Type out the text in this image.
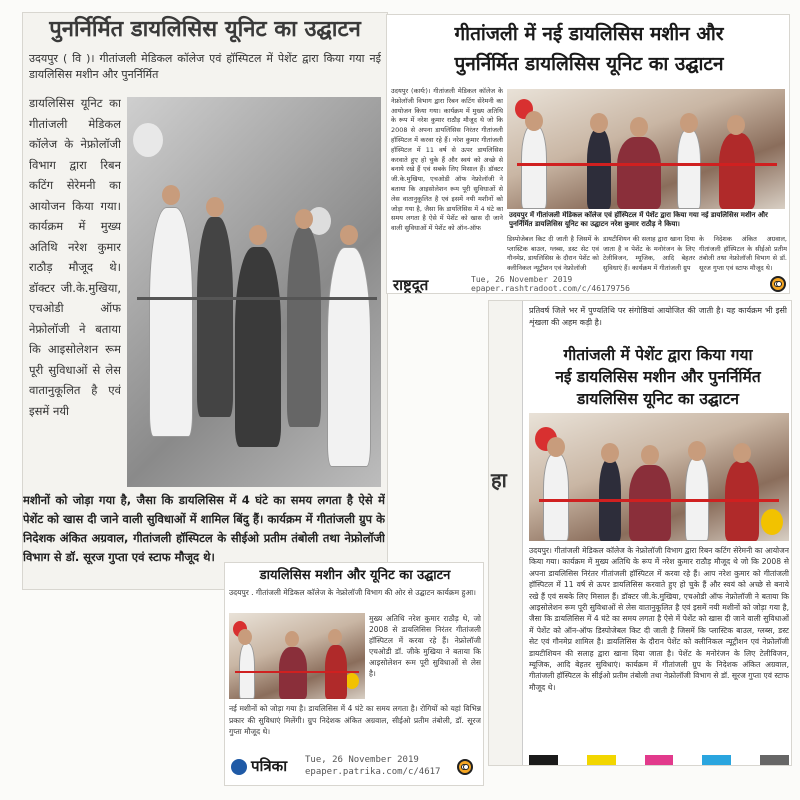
पुनर्निर्मित डायलिसिस यूनिट का उद्घाटन
उदयपुर ( वि )। गीतांजली मेडिकल कॉलेज एवं हॉस्पिटल में पेशेंट द्वारा किया गया नई डायलिसिस मशीन और पुनर्निर्मित
डायलिसिस यूनिट का गीतांजली मेडिकल कॉलेज के नेफ्रोलॉजी विभाग द्वारा रिबन कटिंग सेरेमनी का आयोजन किया गया। कार्यक्रम में मुख्य अतिथि नरेश कुमार राठौड़ मौजूद थे। डॉक्टर जी.के.मुखिया, एचओडी ऑफ नेफ्रोलॉजी ने बताया कि आइसोलेशन रूम पूरी सुविधाओं से लेस वातानुकूलित है एवं इसमें नयी
मशीनों को जोड़ा गया है, जैसा कि डायलिसिस में 4 घंटे का समय लगता है ऐसे में पेशेंट को खास दी जाने वाली सुविधाओं में शामिल बिंदु हैं। कार्यक्रम में गीतांजली ग्रुप के निदेशक अंकित अग्रवाल, गीतांजली हॉस्पिटल के सीईओ प्रतीम तंबोली तथा नेफ्रोलॉजी विभाग से डॉ. सूरज गुप्ता एवं स्टाफ मौजूद थे।
गीतांजली में नई डायलिसिस मशीन और
पुनर्निर्मित डायलिसिस यूनिट का उद्घाटन
उदयपुर (कार्यः)। गीतांजली मेडिकल कॉलेज के नेफ्रोलॉजी विभाग द्वारा रिबन कटिंग सेरेमनी का आयोजन किया गया। कार्यक्रम में मुख्य अतिथि के रूप में नरेश कुमार राठौड़ मौजूद थे जो कि 2008 से अपना डायलिसिस निरंतर गीतांजली हॉस्पिटल में करवा रहे हैं। नरेश कुमार गीतांजली हॉस्पिटल में 11 वर्ष से ऊपर डायलिसिस करवाते हुए हो चुके हैं और स्वयं को अच्छे से बनाये रखे हैं एवं सबके लिए मिसाल हैं। डॉक्टर जी.के.मुखिया, एचओडी ऑफ नेफ्रोलॉजी ने बताया कि आइसोलेशन रूम पूरी सुविधाओं से लेस वातानुकूलित है एवं इसमें नयी मशीनों को जोड़ा गया है, जैसा कि डायलिसिस में 4 घंटे का समय लगता है ऐसे में पेशेंट को खास दी जाने वाली सुविधाओं में पेशेंट को ऑन-ऑफ
उदयपुर में गीतांजली मेडिकल कॉलेज एवं हॉस्पिटल में पेशेंट द्वारा किया गया नई डायलिसिस मशीन और पुनर्निर्मित डायलिसिस यूनिट का उद्घाटन नरेश कुमार राठौड़ ने किया।
डिस्पोजेबल किट दी जाती है जिसमें के प्लास्टिक बाउल, ग्लब्स, डस्ट सेट एवं गौनमेप्न, डायलिसिस के दौरान पेशेंट को क्लीनिकल न्यूट्रीशन एवं नेफ्रोलॉजी
डायटीशियन की सलाह द्वारा खाना दिया जाता है व पेशेंट के मनोरंजन के लिए टेलीविजन, म्यूजिक, आदि बेहतर सुविधाएं हैं। कार्यक्रम में गीतांजली ग्रुप
के निदेशक अंकित अग्रवाल, गीतांजली हॉस्पिटल के सीईओ प्रतीम तंबोली तथा नेफ्रोलॉजी विभाग से डॉ. सूरज गुप्ता एवं स्टाफ मौजूद थे।
राष्ट्रदूत	Tue, 26 November 2019
epaper.rashtradoot.com/c/46179756
हा
प्रतिवर्ष जिले भर में पुण्यतिथि पर संगोष्ठियां आयोजित की जाती है। यह कार्यक्रम भी इसी शृंखला की अहम कड़ी है।
गीतांजली में पेशेंट द्वारा किया गया
नई डायलिसिस मशीन और पुनर्निर्मित
डायलिसिस यूनिट का उद्घाटन
उदयपुर। गीतांजली मेडिकल कॉलेज के नेफ्रोलॉजी विभाग द्वारा रिबन कटिंग सेरेमनी का आयोजन किया गया। कार्यक्रम में मुख्य अतिथि के रूप में नरेश कुमार राठौड़ मौजूद थे जो कि 2008 से अपना डायलिसिस निरंतर गीतांजली हॉस्पिटल में करवा रहे हैं। आप नरेश कुमार को गीतांजली हॉस्पिटल में 11 वर्ष से ऊपर डायलिसिस करवाते हुए हो चुके हैं और स्वयं को अच्छे से बनाये रखे हैं एवं सबके लिए मिसाल हैं। डॉक्टर जी.के.मुखिया, एचओडी ऑफ नेफ्रोलॉजी ने बताया कि आइसोलेशन रूम पूरी सुविधाओं से लेस वातानुकूलित है एवं इसमें नयी मशीनों को जोड़ा गया है, जैसा कि डायलिसिस में 4 घंटे का समय लगता है ऐसे में पेशेंट को खास दी जाने वाली सुविधाओं में पेशेंट को ऑन-ऑफ डिस्पोजेबल किट दी जाती है जिसमें कि प्लास्टिक बाउल, ग्लब्स, डस्ट सेट एवं गौनमेप्न शामिल है। डायलिसिस के दौरान पेशेंट को क्लीनिकल न्यूट्रीशन एवं नेफ्रोलॉजी डायटीशियन की सलाह द्वारा खाना दिया जाता है। पेशेंट के मनोरंजन के लिए टेलीविजन, म्यूजिक, आदि बेहतर सुविधाएं। कार्यक्रम में गीतांजली ग्रुप के निदेशक अंकित अग्रवाल, गीतांजली हॉस्पिटल के सीईओ प्रतीम तंबोली तथा नेफ्रोलॉजी विभाग से डॉ. सूरज गुप्ता एवं स्टाफ मौजूद थे।
डायलिसिस मशीन और यूनिट का उद्घाटन
उदयपुर . गीतांजली मेडिकल कॉलेज के नेफ्रोलॉजी विभाग की ओर से उद्घाटन कार्यक्रम हुआ।
मुख्य अतिथि नरेश कुमार राठौड़ थे, जो 2008 से डायलिसिस निरंतर गीतांजली हॉस्पिटल में करवा रहे हैं। नेफ्रोलॉजी एचओडी डॉ. जीके मुखिया ने बताया कि आइसोलेशन रूम पूरी सुविधाओं से लेस है।
नई मशीनों को जोड़ा गया है। डायलिसिस में 4 घंटे का समय लगता है। रोगियों को यहां विभिन्न प्रकार की सुविधाएं मिलेंगी। ग्रुप निदेशक अंकित अग्रवाल, सीईओ प्रतीम तंबोली, डॉ. सूरज गुप्ता मौजूद थे।
पत्रिका Tue, 26 November 2019
epaper.patrika.com/c/4617
